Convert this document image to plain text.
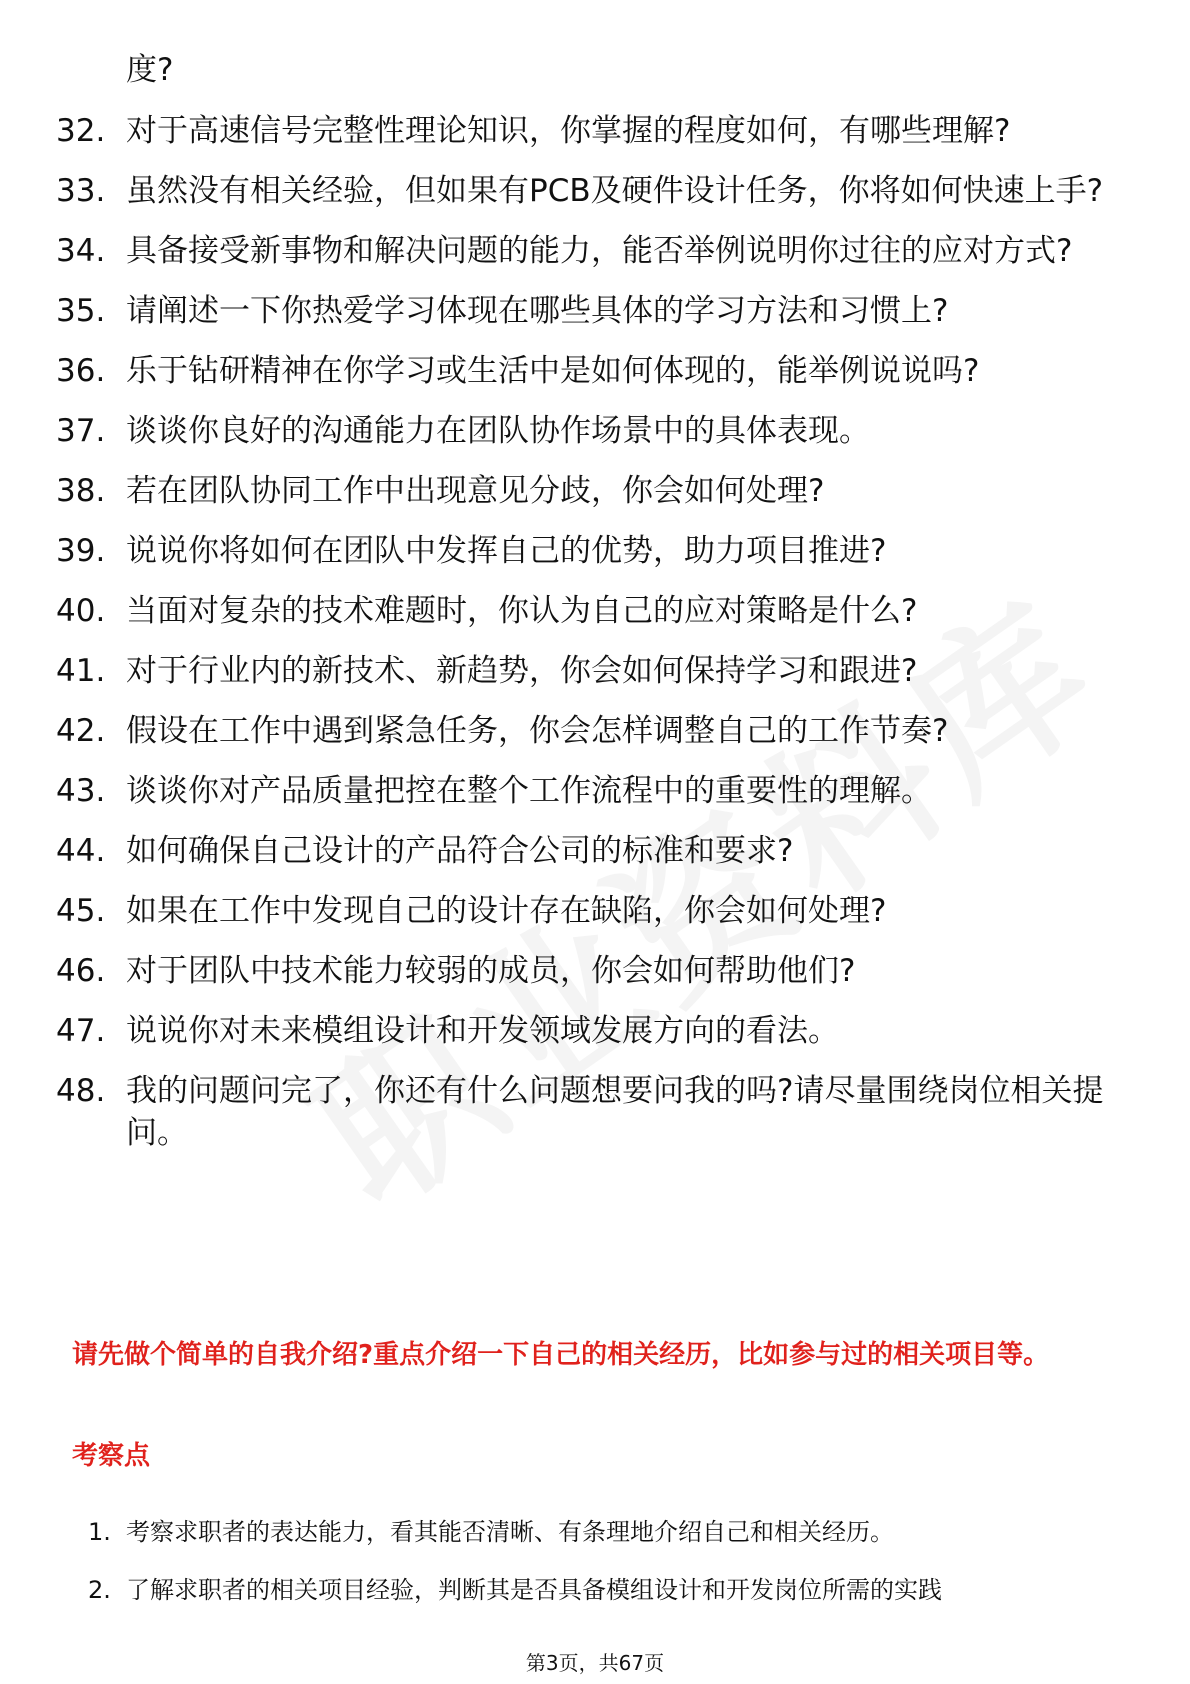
度?

32. 对于高速信号完整性理论知识，你掌握的程度如何，有哪些理解?
33. 虽然没有相关经验，但如果有PCB及硬件设计任务，你将如何快速上手?
34. 具备接受新事物和解决问题的能力，能否举例说明你过往的应对方式?
35. 请阐述一下你热爱学习体现在哪些具体的学习方法和习惯上?
36. 乐于钻研精神在你学习或生活中是如何体现的，能举例说说吗?
37. 谈谈你良好的沟通能力在团队协作场景中的具体表现。
38. 若在团队协同工作中出现意见分歧，你会如何处理?
39. 说说你将如何在团队中发挥自己的优势，助力项目推进?
40. 当面对复杂的技术难题时，你认为自己的应对策略是什么?
41. 对于行业内的新技术、新趋势，你会如何保持学习和跟进?
42. 假设在工作中遇到紧急任务，你会怎样调整自己的工作节奏?
43. 谈谈你对产品质量把控在整个工作流程中的重要性的理解。
44. 如何确保自己设计的产品符合公司的标准和要求?
45. 如果在工作中发现自己的设计存在缺陷，你会如何处理?
46. 对于团队中技术能力较弱的成员，你会如何帮助他们?
47. 说说你对未来模组设计和开发领域发展方向的看法。
48. 我的问题问完了，你还有什么问题想要问我的吗?请尽量围绕岗位相关提问。

请先做个简单的自我介绍?重点介绍一下自己的相关经历，比如参与过的相关项目等。

考察点

1. 考察求职者的表达能力，看其能否清晰、有条理地介绍自己和相关经历。
2. 了解求职者的相关项目经验，判断其是否具备模组设计和开发岗位所需的实践
第3页，共67页
